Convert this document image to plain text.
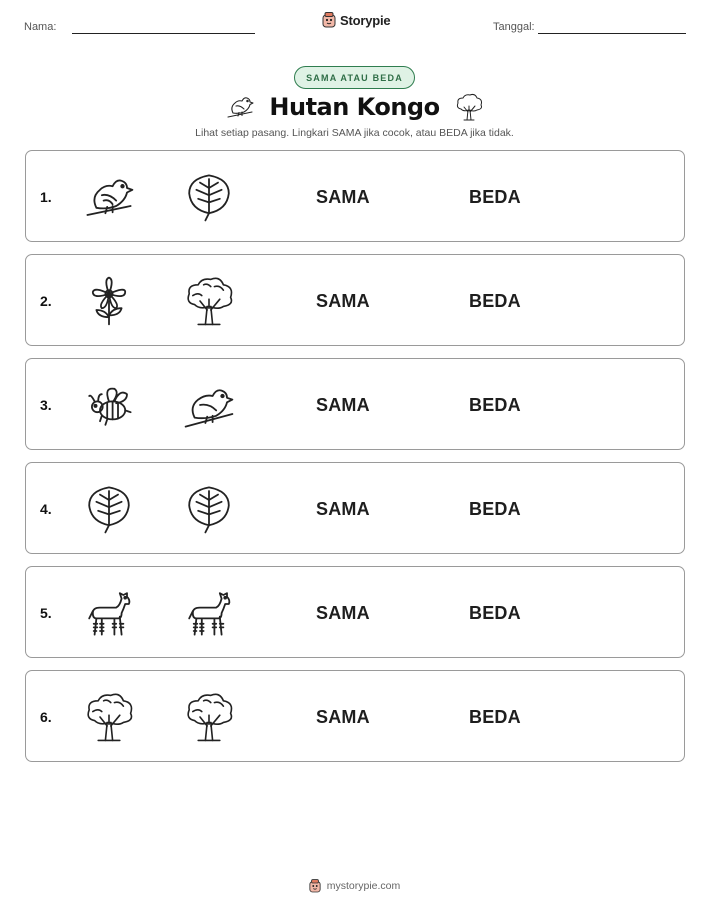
Nama:	Storypie	Tanggal:
SAMA ATAU BEDA
Hutan Kongo
Lihat setiap pasang. Lingkari SAMA jika cocok, atau BEDA jika tidak.
1.	SAMA	BEDA
2.	SAMA	BEDA
3.	SAMA	BEDA
4.	SAMA	BEDA
5.	SAMA	BEDA
6.	SAMA	BEDA
mystorypie.com
